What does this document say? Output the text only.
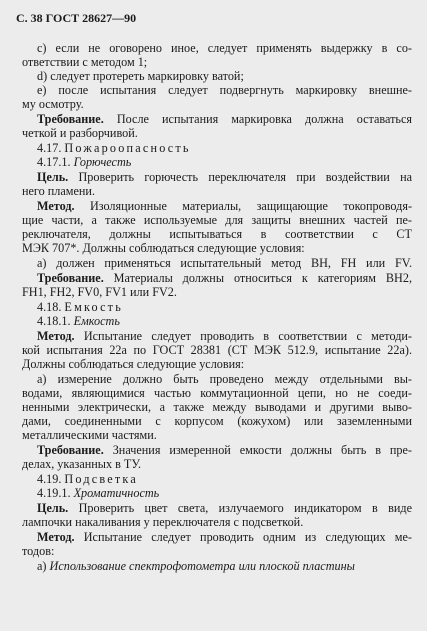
С. 38 ГОСТ 28627—90
c) если не оговорено иное, следует применять выдержку в со-
ответствии с методом 1;
d) следует протереть маркировку ватой;
e) после испытания следует подвергнуть маркировку внешне-
му осмотру.
Требование. После испытания маркировка должна оставаться
четкой и разборчивой.
4.17. Пожароопасность
4.17.1. Горючесть
Цель. Проверить горючесть переключателя при воздействии на
него пламени.
Метод. Изоляционные материалы, защищающие токопроводя-
щие части, а также используемые для защиты внешних частей пе-
реключателя, должны испытываться в соответствии с СТ
МЭК 707*. Должны соблюдаться следующие условия:
а) должен применяться испытательный метод ВН, FH или FV.
Требование. Материалы должны относиться к категориям ВН2,
FH1, FH2, FV0, FV1 или FV2.
4.18. Емкость
4.18.1. Емкость
Метод. Испытание следует проводить в соответствии с методи-
кой испытания 22а по ГОСТ 28381 (СТ МЭК 512.9, испытание 22а).
Должны соблюдаться следующие условия:
а) измерение должно быть проведено между отдельными вы-
водами, являющимися частью коммутационной цепи, но не соеди-
ненными электрически, а также между выводами и другими выво-
дами, соединенными с корпусом (кожухом) или заземленными
металлическими частями.
Требование. Значения измеренной емкости должны быть в пре-
делах, указанных в ТУ.
4.19. Подсветка
4.19.1. Хроматичность
Цель. Проверить цвет света, излучаемого индикатором в виде
лампочки накаливания у переключателя с подсветкой.
Метод. Испытание следует проводить одним из следующих ме-
тодов:
а) Использование спектрофотометра или плоской пластины
